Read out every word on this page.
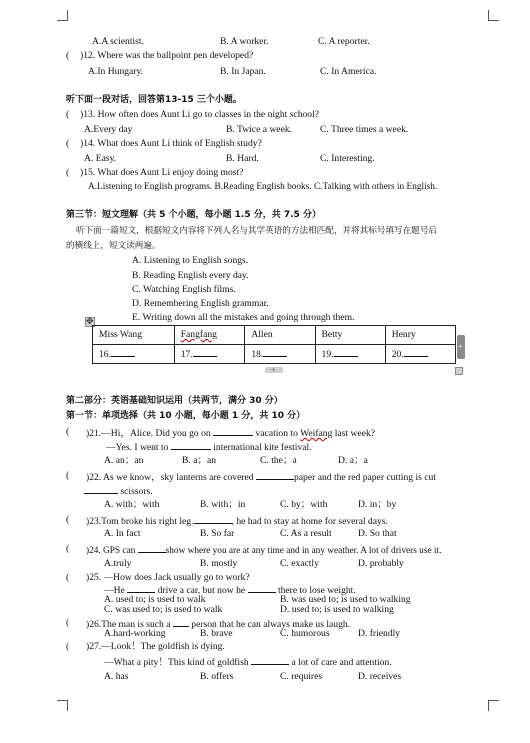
A.A scientist.	B. A worker.	C. A reporter.
( )12. Where was the ballpoint pen developed?
A.In Hungary.	B. In Japan.	C. In America.
听下面一段对话，回答第13-15 三个小题。
( )13. How often does Aunt Li go to classes in the night school?
A.Every day	B. Twice a week.	C. Three times a week.
( )14. What does Aunt Li think of English study?
A. Easy.	B. Hard.	C. Interesting.
( )15. What does Aunt Li enjoy doing most?
A.Listening to English programs. B.Reading English books. C.Talking with others in English.
第三节：短文理解（共 5 个小题，每小题 1.5 分，共 7.5 分）
听下面一篇短文，根据短文内容将下列人名与其学英语的方法相匹配，并将其标号填写在题号后
的横线上，短文读两遍。
A. Listening to English songs.
B. Reading English every day.
C. Watching English films.
D. Remembering English grammar.
E. Writing down all the mistakes and going through them.
✥
Miss Wang	Fangfang	Allen	Betty	Henry
16.	17.	18.	19.	20.
+
+
第二部分：英语基础知识运用（共两节，满分 30 分）
第一节：单项选择（共 10 小题，每小题 1 分，共 10 分）
( )21.—Hi，Alice. Did you go on	vacation to Weifang last week?
—Yes. I went to	international kite festival.
A. an；an	B. a；an	C. the；a	D. a；a
( )22. As we know，sky lanterns are covered	paper and the red paper cutting is cut
scissors.
A. with；with	B. with；in	C. by；with	D. in；by
( )23.Tom broke his right leg.	, he had to stay at home for several days.
A. In fact	B. So far	C. As a result	D. So that
( )24. GPS can	show where you are at any time and in any weather. A lot of drivers use it.
A.truly	B. mostly	C. exactly	D. probably
( )25. —How does Jack usually go to work?
—He	drive a car, but now he	there to lose weight.
A. used to; is used to walk	B. was used to; is used to walking
C. was used to; is used to walk	D. used to; is used to walking
( )26.The man is such a person that he can always make us laugh.
A.hard-working	B. brave	C. humorous	D. friendly
( )27.—Look！The goldfish is dying.
—What a pity！This kind of goldfish	a lot of care and attention.
A. has	B. offers	C. requires	D. receives
